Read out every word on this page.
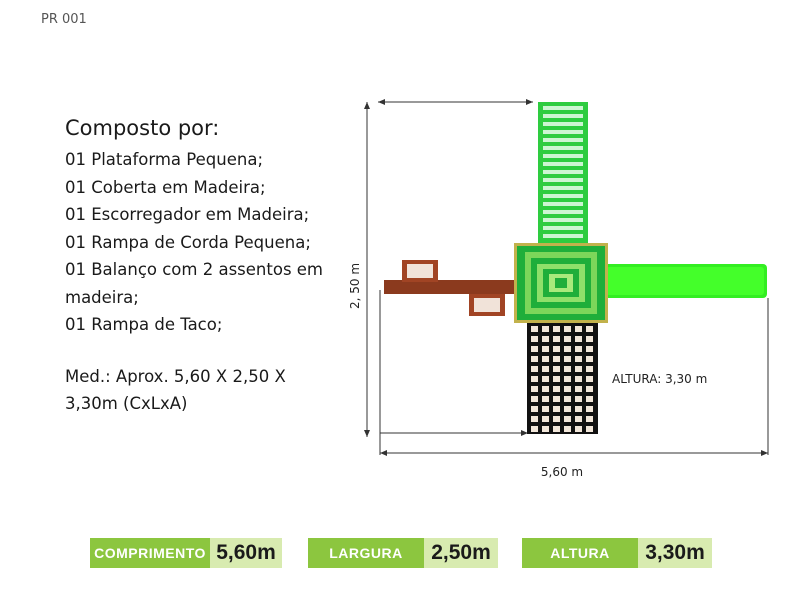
PR 001
Composto por:
01 Plataforma Pequena;
01 Coberta em Madeira;
01 Escorregador em Madeira;
01 Rampa de Corda Pequena;
01 Balanço com 2 assentos em madeira;
01 Rampa de Taco;
Med.: Aprox. 5,60 X 2,50 X 3,30m (CxLxA)
2, 50 m
ALTURA: 3,30 m
5,60 m
COMPRIMENTO 5,60m	LARGURA	2,50m	ALTURA	3,30m
